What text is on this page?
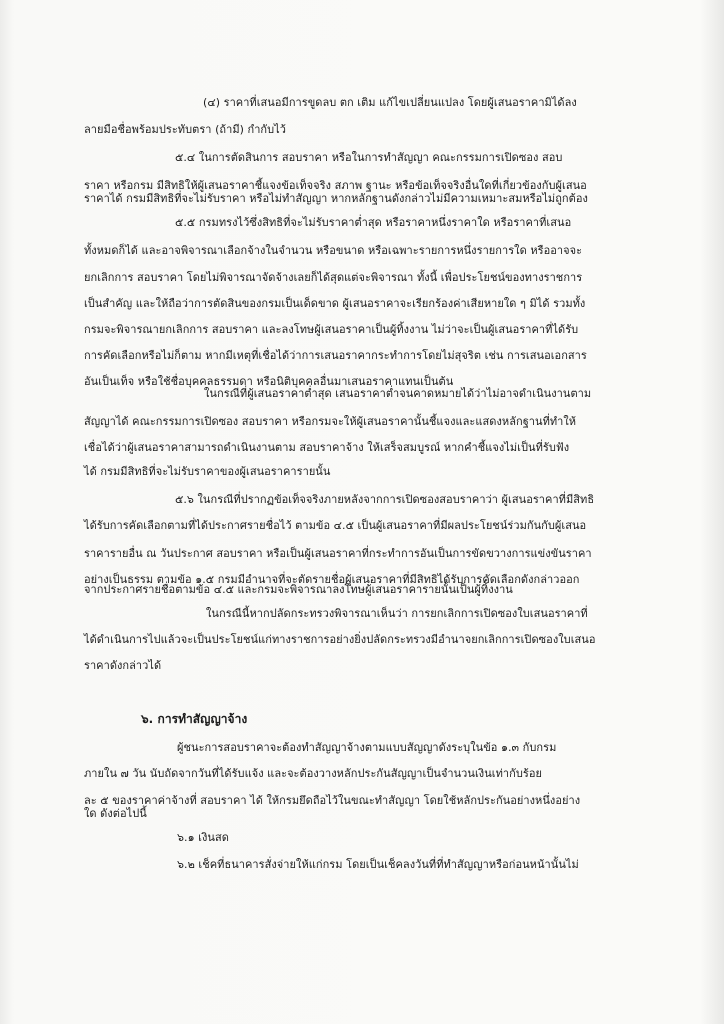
(๔) ราคาที่เสนอมีการขูดลบ ตก เติม แก้ไขเปลี่ยนแปลง โดยผู้เสนอราคามิได้ลง
ลายมือชื่อพร้อมประทับตรา (ถ้ามี) กำกับไว้
๕.๔ ในการตัดสินการ สอบราคา หรือในการทำสัญญา คณะกรรมการเปิดซอง สอบ
ราคา หรือกรม มีสิทธิให้ผู้เสนอราคาชี้แจงข้อเท็จจริง สภาพ ฐานะ หรือข้อเท็จจริงอื่นใดที่เกี่ยวข้องกับผู้เสนอ
ราคาได้ กรมมีสิทธิที่จะไม่รับราคา หรือไม่ทำสัญญา หากหลักฐานดังกล่าวไม่มีความเหมาะสมหรือไม่ถูกต้อง
๕.๕ กรมทรงไว้ซึ่งสิทธิที่จะไม่รับราคาต่ำสุด หรือราคาหนึ่งราคาใด หรือราคาที่เสนอ
ทั้งหมดก็ได้ และอาจพิจารณาเลือกจ้างในจำนวน หรือขนาด หรือเฉพาะรายการหนึ่งรายการใด หรืออาจจะ
ยกเลิกการ สอบราคา โดยไม่พิจารณาจัดจ้างเลยก็ได้สุดแต่จะพิจารณา ทั้งนี้ เพื่อประโยชน์ของทางราชการ
เป็นสำคัญ และให้ถือว่าการตัดสินของกรมเป็นเด็ดขาด ผู้เสนอราคาจะเรียกร้องค่าเสียหายใด ๆ มิได้ รวมทั้ง
กรมจะพิจารณายกเลิกการ สอบราคา และลงโทษผู้เสนอราคาเป็นผู้ทิ้งงาน ไม่ว่าจะเป็นผู้เสนอราคาที่ได้รับ
การคัดเลือกหรือไม่ก็ตาม หากมีเหตุที่เชื่อได้ว่าการเสนอราคากระทำการโดยไม่สุจริต เช่น การเสนอเอกสาร
อันเป็นเท็จ หรือใช้ชื่อบุคคลธรรมดา หรือนิติบุคคลอื่นมาเสนอราคาแทนเป็นต้น
ในกรณีที่ผู้เสนอราคาต่ำสุด เสนอราคาต่ำจนคาดหมายได้ว่าไม่อาจดำเนินงานตาม
สัญญาได้ คณะกรรมการเปิดซอง สอบราคา หรือกรมจะให้ผู้เสนอราคานั้นชี้แจงและแสดงหลักฐานที่ทำให้
เชื่อได้ว่าผู้เสนอราคาสามารถดำเนินงานตาม สอบราคาจ้าง ให้เสร็จสมบูรณ์ หากคำชี้แจงไม่เป็นที่รับฟัง
ได้ กรมมีสิทธิที่จะไม่รับราคาของผู้เสนอราคารายนั้น
๕.๖ ในกรณีที่ปรากฏข้อเท็จจริงภายหลังจากการเปิดซองสอบราคาว่า ผู้เสนอราคาที่มีสิทธิ
ได้รับการคัดเลือกตามที่ได้ประกาศรายชื่อไว้ ตามข้อ ๔.๕ เป็นผู้เสนอราคาที่มีผลประโยชน์ร่วมกันกับผู้เสนอ
ราคารายอื่น ณ วันประกาศ สอบราคา หรือเป็นผู้เสนอราคาที่กระทำการอันเป็นการขัดขวางการแข่งขันราคา
อย่างเป็นธรรม ตามข้อ ๑.๕ กรมมีอำนาจที่จะตัดรายชื่อผู้เสนอราคาที่มีสิทธิได้รับการคัดเลือกดังกล่าวออก
จากประกาศรายชื่อตามข้อ ๔.๕ และกรมจะพิจารณาลงโทษผู้เสนอราคารายนั้นเป็นผู้ทิ้งงาน
ในกรณีนี้หากปลัดกระทรวงพิจารณาเห็นว่า การยกเลิกการเปิดซองใบเสนอราคาที่
ได้ดำเนินการไปแล้วจะเป็นประโยชน์แก่ทางราชการอย่างยิ่งปลัดกระทรวงมีอำนาจยกเลิกการเปิดซองใบเสนอ
ราคาดังกล่าวได้
๖. การทำสัญญาจ้าง
ผู้ชนะการสอบราคาจะต้องทำสัญญาจ้างตามแบบสัญญาดังระบุในข้อ ๑.๓ กับกรม
ภายใน ๗ วัน นับถัดจากวันที่ได้รับแจ้ง และจะต้องวางหลักประกันสัญญาเป็นจำนวนเงินเท่ากับร้อย
ละ ๕ ของราคาค่าจ้างที่ สอบราคา ได้ ให้กรมยึดถือไว้ในขณะทำสัญญา โดยใช้หลักประกันอย่างหนึ่งอย่าง
ใด ดังต่อไปนี้
๖.๑ เงินสด
๖.๒ เช็คที่ธนาคารสั่งจ่ายให้แก่กรม โดยเป็นเช็คลงวันที่ที่ทำสัญญาหรือก่อนหน้านั้นไม่
